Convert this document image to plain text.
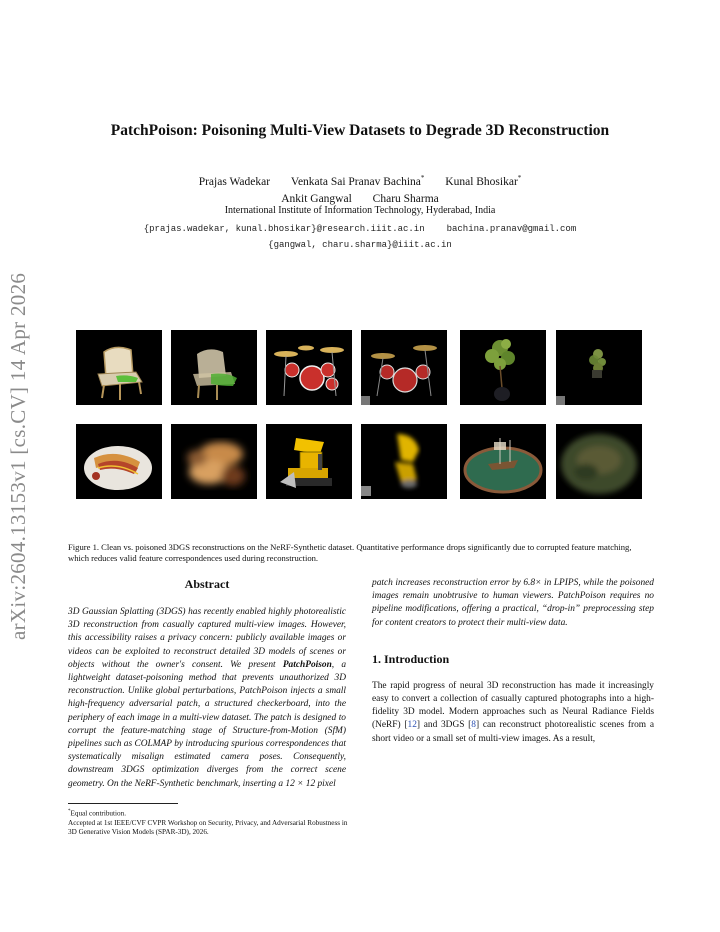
arXiv:2604.13153v1 [cs.CV] 14 Apr 2026
PatchPoison: Poisoning Multi-View Datasets to Degrade 3D Reconstruction
Prajas Wadekar Venkata Sai Pranav Bachina* Kunal Bhosikar*
Ankit Gangwal Charu Sharma
International Institute of Information Technology, Hyderabad, India
{prajas.wadekar, kunal.bhosikar}@research.iiit.ac.in bachina.pranav@gmail.com
{gangwal, charu.sharma}@iiit.ac.in

Figure 1. Clean vs. poisoned 3DGS reconstructions on the NeRF-Synthetic dataset. Quantitative performance drops significantly due to corrupted feature matching, which reduces valid feature correspondences used during reconstruction.

Abstract

3D Gaussian Splatting (3DGS) has recently enabled highly photorealistic 3D reconstruction from casually captured multi-view images. However, this accessibility raises a privacy concern: publicly available images or videos can be exploited to reconstruct detailed 3D models of scenes or objects without the owner's consent. We present PatchPoison, a lightweight dataset-poisoning method that prevents unauthorized 3D reconstruction. Unlike global perturbations, PatchPoison injects a small high-frequency adversarial patch, a structured checkerboard, into the periphery of each image in a multi-view dataset. The patch is designed to corrupt the feature-matching stage of Structure-from-Motion (SfM) pipelines such as COLMAP by introducing spurious correspondences that systematically misalign estimated camera poses. Consequently, downstream 3DGS optimization diverges from the correct scene geometry. On the NeRF-Synthetic benchmark, inserting a 12 × 12 pixel

patch increases reconstruction error by 6.8× in LPIPS, while the poisoned images remain unobtrusive to human viewers. PatchPoison requires no pipeline modifications, offering a practical, “drop-in” preprocessing step for content creators to protect their multi-view data.

1. Introduction

The rapid progress of neural 3D reconstruction has made it increasingly easy to convert a collection of casually captured photographs into a high-fidelity 3D model. Modern approaches such as Neural Radiance Fields (NeRF) [12] and 3DGS [8] can reconstruct photorealistic scenes from a short video or a small set of multi-view images. As a result,

*Equal contribution.
Accepted at 1st IEEE/CVF CVPR Workshop on Security, Privacy, and Adversarial Robustness in 3D Generative Vision Models (SPAR-3D), 2026.
